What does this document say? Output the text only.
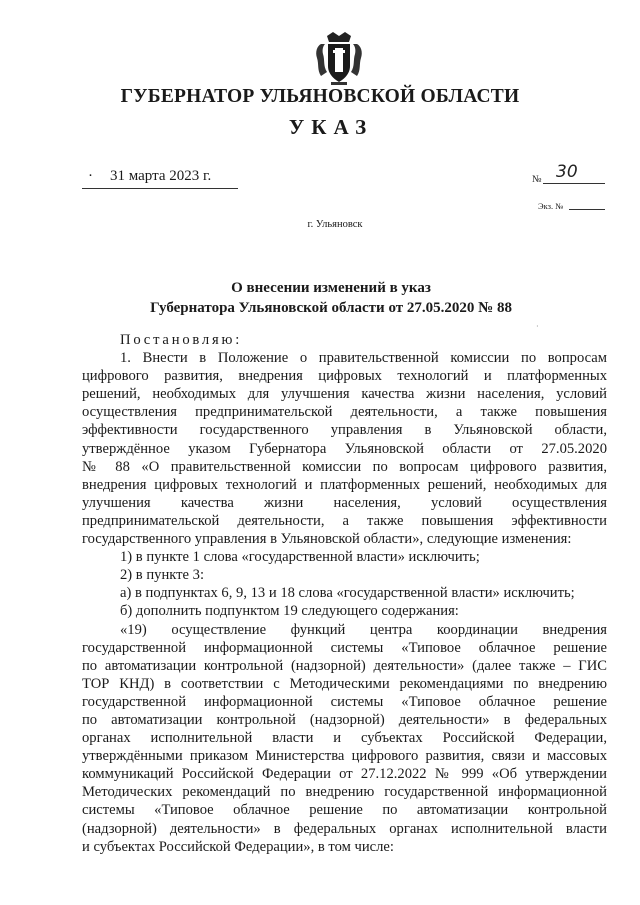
ГУБЕРНАТОР УЛЬЯНОВСКОЙ ОБЛАСТИ
УКАЗ
· 31 марта 2023 г.	№ 30
Экз. №
г. Ульяновск
О внесении изменений в указ
Губернатора Ульяновской области от 27.05.2020 № 88
·
Постановляю:
1. Внести в Положение о правительственной комиссии по вопросам
цифрового развития, внедрения цифровых технологий и платформенных
решений, необходимых для улучшения качества жизни населения, условий
осуществления предпринимательской деятельности, а также повышения
эффективности государственного управления в Ульяновской области,
утверждённое указом Губернатора Ульяновской области от 27.05.2020
№ 88 «О правительственной комиссии по вопросам цифрового развития,
внедрения цифровых технологий и платформенных решений, необходимых для
улучшения качества жизни населения, условий осуществления
предпринимательской деятельности, а также повышения эффективности
государственного управления в Ульяновской области», следующие изменения:
1) в пункте 1 слова «государственной власти» исключить;
2) в пункте 3:
а) в подпунктах 6, 9, 13 и 18 слова «государственной власти» исключить;
б) дополнить подпунктом 19 следующего содержания:
«19) осуществление функций центра координации внедрения
государственной информационной системы «Типовое облачное решение
по автоматизации контрольной (надзорной) деятельности» (далее также – ГИС
ТОР КНД) в соответствии с Методическими рекомендациями по внедрению
государственной информационной системы «Типовое облачное решение
по автоматизации контрольной (надзорной) деятельности» в федеральных
органах исполнительной власти и субъектах Российской Федерации,
утверждёнными приказом Министерства цифрового развития, связи и массовых
коммуникаций Российской Федерации от 27.12.2022 № 999 «Об утверждении
Методических рекомендаций по внедрению государственной информационной
системы «Типовое облачное решение по автоматизации контрольной
(надзорной) деятельности» в федеральных органах исполнительной власти
и субъектах Российской Федерации», в том числе:
